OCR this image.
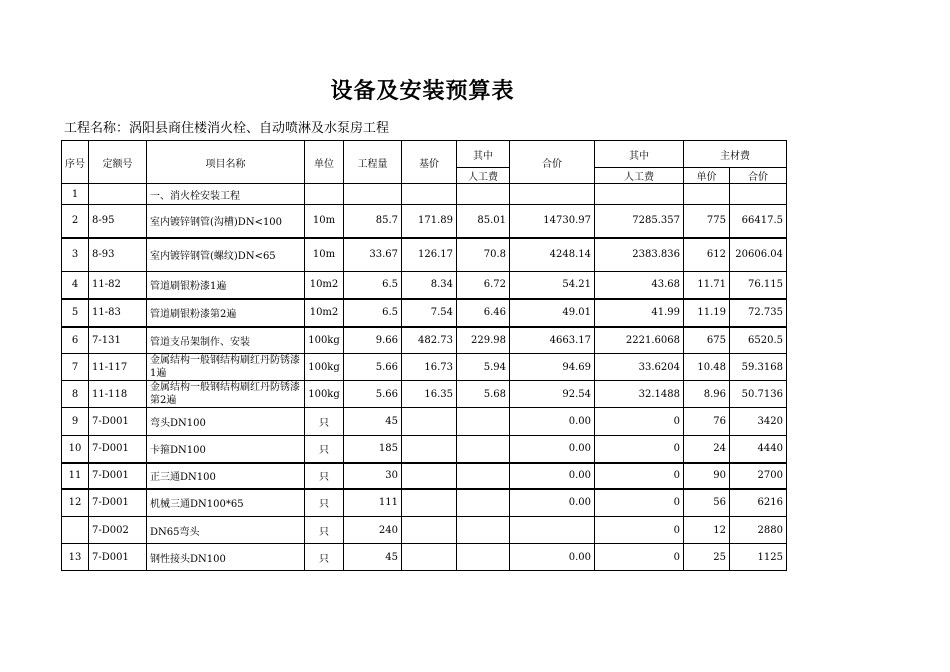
设备及安装预算表
工程名称：涡阳县商住楼消火栓、自动喷淋及水泵房工程
序号	定额号	项目名称	单位	工程量	基价	其中	合价	其中	主材费	
						人工费		人工费	单价	合价
1		一、消火栓安装工程								
2	8-95	室内镀锌钢管(沟槽)DN<100	10m	85.7	171.89	85.01	14730.97	7285.357	775	66417.5
3	8-93	室内镀锌钢管(螺纹)DN<65	10m	33.67	126.17	70.8	4248.14	2383.836	612	20606.04
4	11-82	管道刷银粉漆1遍	10m2	6.5	8.34	6.72	54.21	43.68	11.71	76.115
5	11-83	管道刷银粉漆第2遍	10m2	6.5	7.54	6.46	49.01	41.99	11.19	72.735
6	7-131	管道支吊架制作、安装	100kg	9.66	482.73	229.98	4663.17	2221.6068	675	6520.5
7	11-117	金属结构一般钢结构刷红丹防锈漆1遍	100kg	5.66	16.73	5.94	94.69	33.6204	10.48	59.3168
8	11-118	金属结构一般钢结构刷红丹防锈漆第2遍	100kg	5.66	16.35	5.68	92.54	32.1488	8.96	50.7136
9	7-D001	弯头DN100	只	45			0.00	0	76	3420
10	7-D001	卡箍DN100	只	185			0.00	0	24	4440
11	7-D001	正三通DN100	只	30			0.00	0	90	2700
12	7-D001	机械三通DN100*65	只	111			0.00	0	56	6216
	7-D002	DN65弯头	只	240				0	12	2880
13	7-D001	钢性接头DN100	只	45			0.00	0	25	1125
